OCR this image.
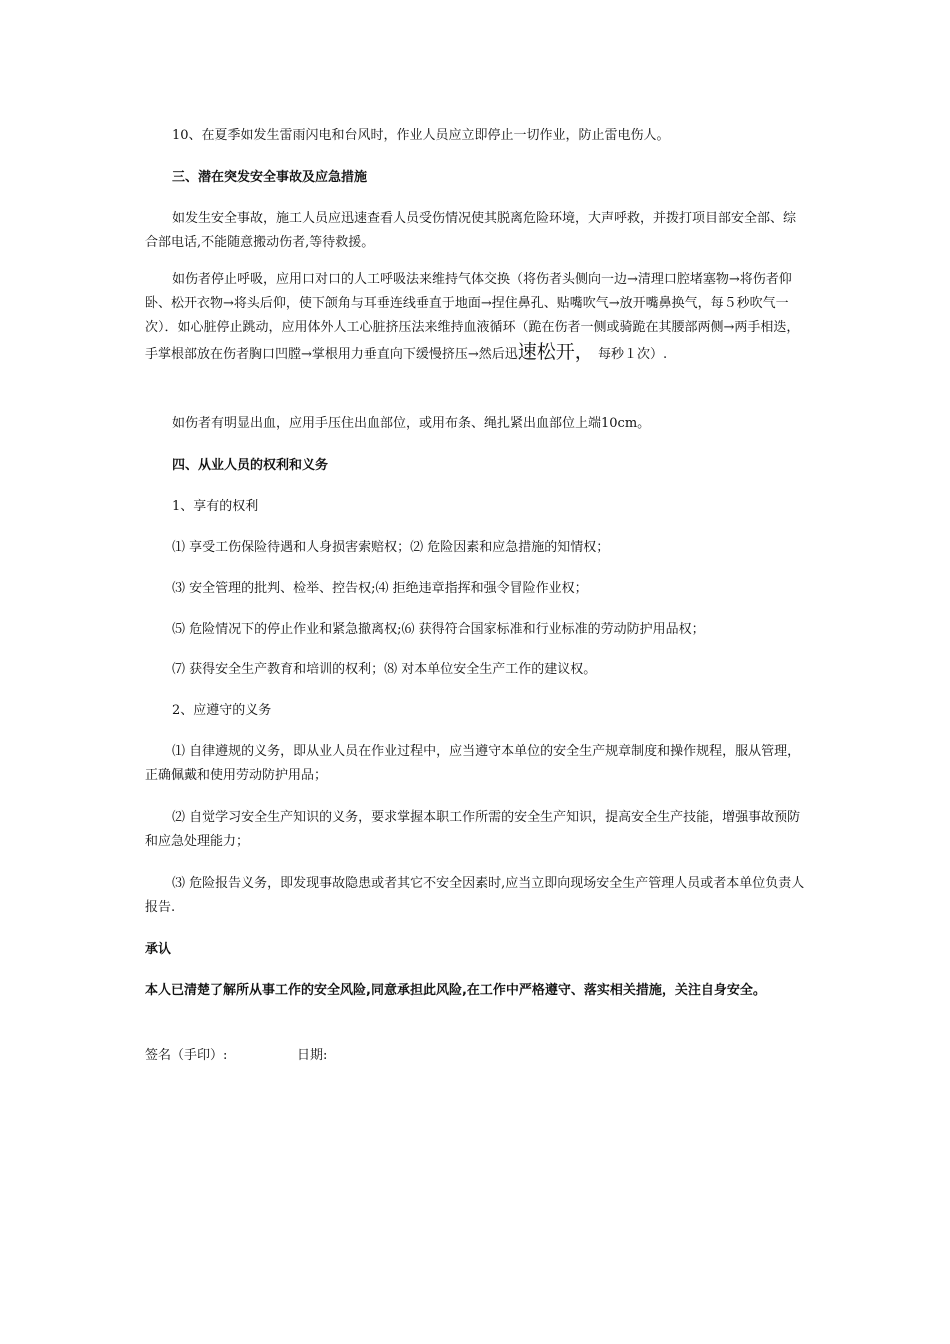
10、在夏季如发生雷雨闪电和台风时，作业人员应立即停止一切作业，防止雷电伤人。

三、潜在突发安全事故及应急措施

如发生安全事故，施工人员应迅速查看人员受伤情况使其脱离危险环境，大声呼救，并拨打项目部安全部、综合部电话,不能随意搬动伤者,等待救援。

如伤者停止呼吸，应用口对口的人工呼吸法来维持气体交换（将伤者头侧向一边→清理口腔堵塞物→将伤者仰卧、松开衣物→将头后仰，使下颌角与耳垂连线垂直于地面→捏住鼻孔、贴嘴吹气→放开嘴鼻换气，每５秒吹气一次）．如心脏停止跳动，应用体外人工心脏挤压法来维持血液循环（跪在伤者一侧或骑跪在其腰部两侧→两手相迭，手掌根部放在伤者胸口凹膛→掌根用力垂直向下缓慢挤压→然后迅速松开， 每秒１次）.

如伤者有明显出血，应用手压住出血部位，或用布条、绳扎紧出血部位上端10cm。

四、从业人员的权利和义务

1、享有的权利

⑴ 享受工伤保险待遇和人身损害索赔权；⑵ 危险因素和应急措施的知情权；

⑶ 安全管理的批判、检举、控告权;⑷ 拒绝违章指挥和强令冒险作业权；

⑸ 危险情况下的停止作业和紧急撤离权;⑹ 获得符合国家标准和行业标准的劳动防护用品权；

⑺ 获得安全生产教育和培训的权利；⑻ 对本单位安全生产工作的建议权。

2、应遵守的义务

⑴ 自律遵规的义务，即从业人员在作业过程中，应当遵守本单位的安全生产规章制度和操作规程，服从管理，正确佩戴和使用劳动防护用品；

⑵ 自觉学习安全生产知识的义务，要求掌握本职工作所需的安全生产知识，提高安全生产技能，增强事故预防和应急处理能力；

⑶ 危险报告义务，即发现事故隐患或者其它不安全因素时,应当立即向现场安全生产管理人员或者本单位负责人报告.

承认

本人已清楚了解所从事工作的安全风险,同意承担此风险,在工作中严格遵守、落实相关措施，关注自身安全。

签名（手印）:	日期:
